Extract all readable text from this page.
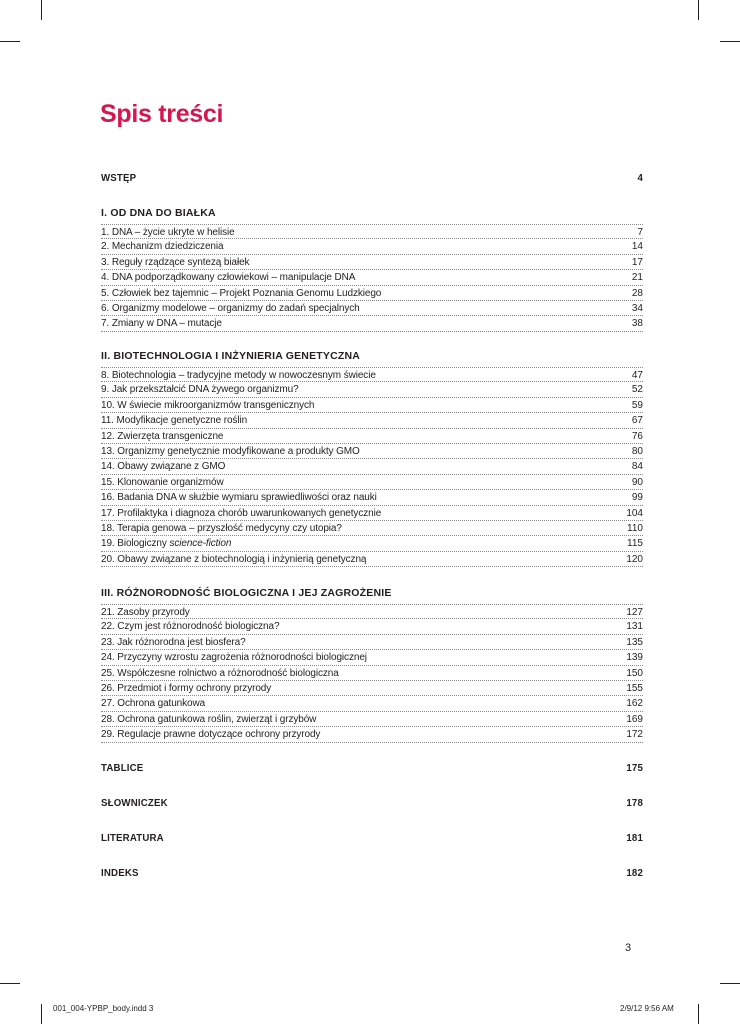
Spis treści
WSTĘP	4
I. OD DNA DO BIAŁKA
1. DNA – życie ukryte w helisie	7
2. Mechanizm dziedziczenia	14
3. Reguły rządzące syntezą białek	17
4. DNA podporządkowany człowiekowi – manipulacje DNA	21
5. Człowiek bez tajemnic – Projekt Poznania Genomu Ludzkiego	28
6. Organizmy modelowe – organizmy do zadań specjalnych	34
7. Zmiany w DNA – mutacje	38
II. BIOTECHNOLOGIA I INŻYNIERIA GENETYCZNA
8. Biotechnologia – tradycyjne metody w nowoczesnym świecie	47
9. Jak przekształcić DNA żywego organizmu?	52
10. W świecie mikroorganizmów transgenicznych	59
11. Modyfikacje genetyczne roślin	67
12. Zwierzęta transgeniczne	76
13. Organizmy genetycznie modyfikowane a produkty GMO	80
14. Obawy związane z GMO	84
15. Klonowanie organizmów	90
16. Badania DNA w służbie wymiaru sprawiedliwości oraz nauki	99
17. Profilaktyka i diagnoza chorób uwarunkowanych genetycznie	104
18. Terapia genowa – przyszłość medycyny czy utopia?	110
19. Biologiczny science-fiction	115
20. Obawy związane z biotechnologią i inżynierią genetyczną	120
III. RÓŻNORODNOŚĆ BIOLOGICZNA I JEJ ZAGROŻENIE
21. Zasoby przyrody	127
22. Czym jest różnorodność biologiczna?	131
23. Jak różnorodna jest biosfera?	135
24. Przyczyny wzrostu zagrożenia różnorodności biologicznej	139
25. Współczesne rolnictwo a różnorodność biologiczna	150
26. Przedmiot i formy ochrony przyrody	155
27. Ochrona gatunkowa	162
28. Ochrona gatunkowa roślin, zwierząt i grzybów	169
29. Regulacje prawne dotyczące ochrony przyrody	172
TABLICE	175
SŁOWNICZEK	178
LITERATURA	181
INDEKS	182
3
001_004-YPBP_body.indd 3	2/9/12 9:56 AM
